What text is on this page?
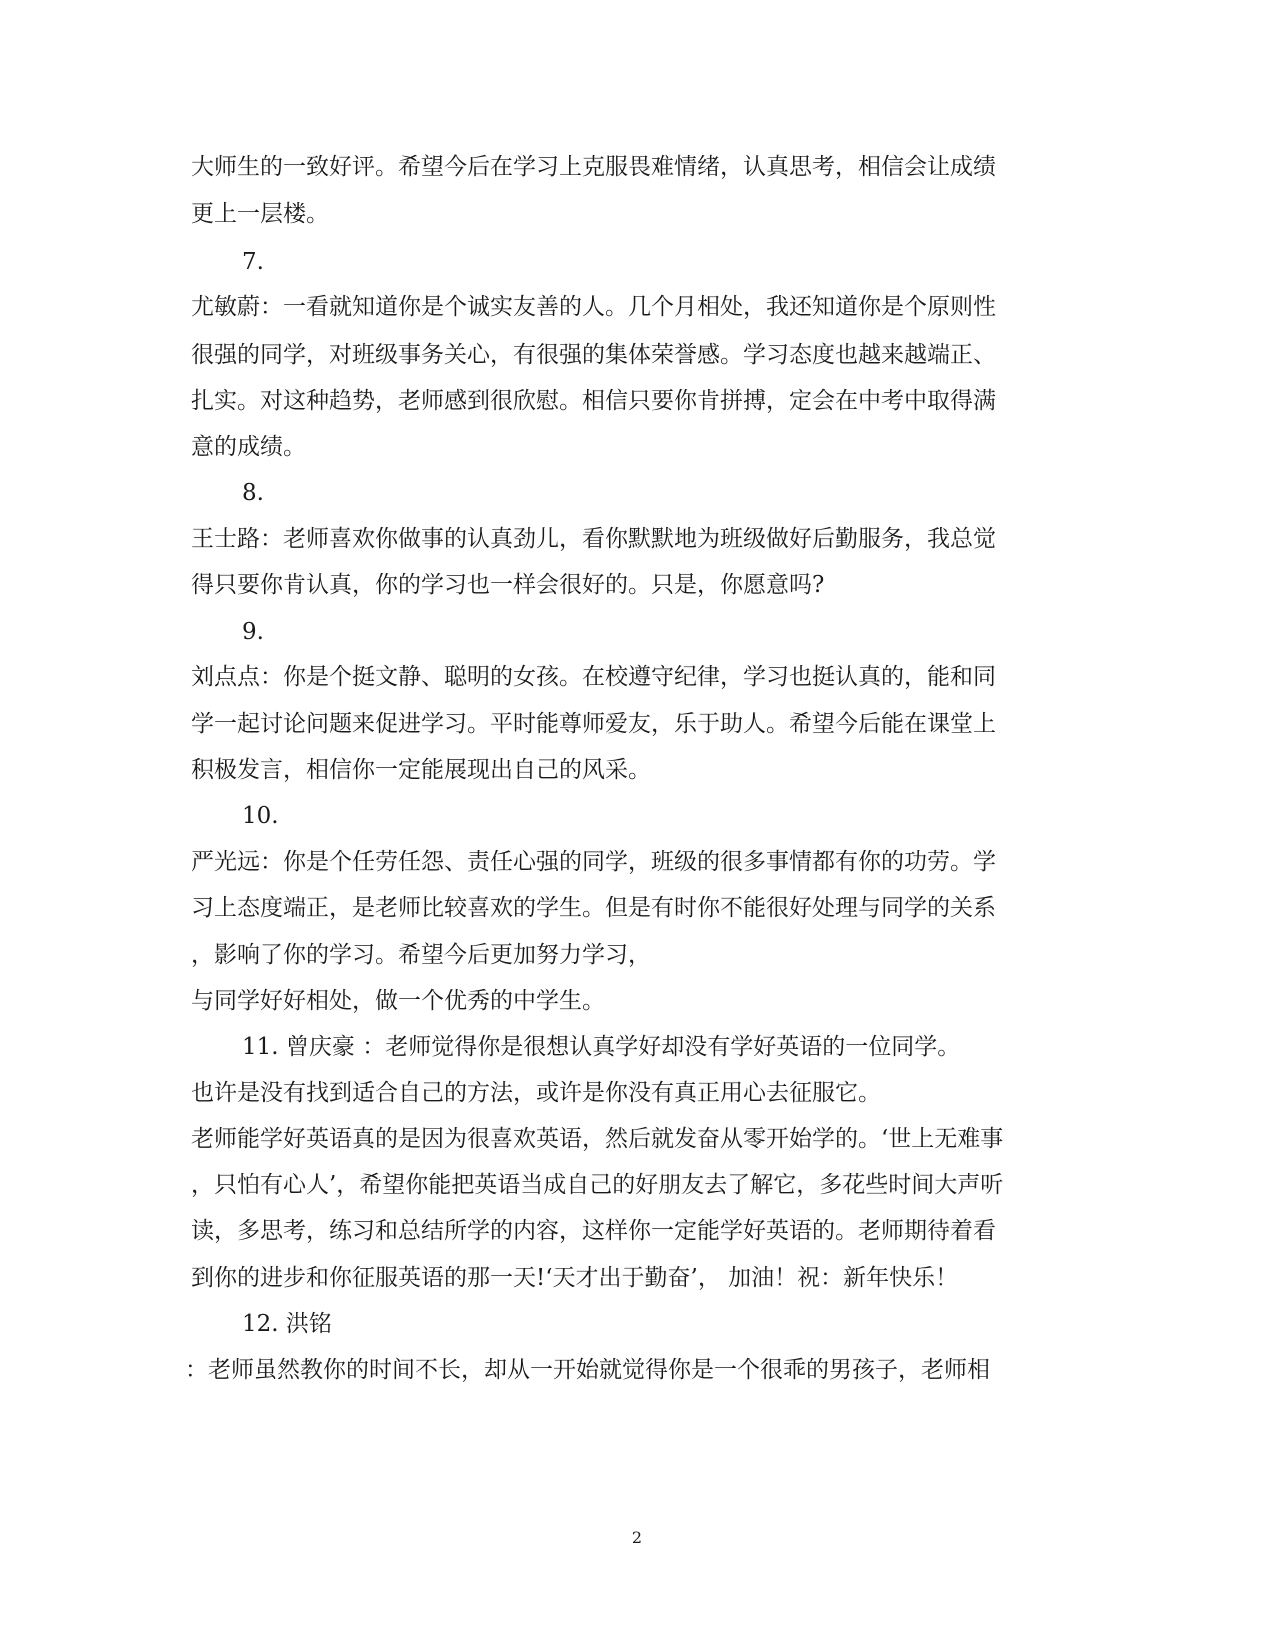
大师生的一致好评。希望今后在学习上克服畏难情绪，认真思考，相信会让成绩
更上一层楼。
7.
尤敏蔚：一看就知道你是个诚实友善的人。几个月相处，我还知道你是个原则性
很强的同学，对班级事务关心，有很强的集体荣誉感。学习态度也越来越端正、
扎实。对这种趋势，老师感到很欣慰。相信只要你肯拼搏，定会在中考中取得满
意的成绩。
8.
王士路：老师喜欢你做事的认真劲儿，看你默默地为班级做好后勤服务，我总觉
得只要你肯认真，你的学习也一样会很好的。只是，你愿意吗?
9.
刘点点：你是个挺文静、聪明的女孩。在校遵守纪律，学习也挺认真的，能和同
学一起讨论问题来促进学习。平时能尊师爱友，乐于助人。希望今后能在课堂上
积极发言，相信你一定能展现出自己的风采。
10.
严光远：你是个任劳任怨、责任心强的同学，班级的很多事情都有你的功劳。学
习上态度端正，是老师比较喜欢的学生。但是有时你不能很好处理与同学的关系
，影响了你的学习。希望今后更加努力学习，
与同学好好相处，做一个优秀的中学生。
11. 曾庆豪 ：老师觉得你是很想认真学好却没有学好英语的一位同学。
也许是没有找到适合自己的方法，或许是你没有真正用心去征服它。
老师能学好英语真的是因为很喜欢英语，然后就发奋从零开始学的。‘世上无难事
，只怕有心人’，希望你能把英语当成自己的好朋友去了解它，多花些时间大声听
读，多思考，练习和总结所学的内容，这样你一定能学好英语的。老师期待着看
到你的进步和你征服英语的那一天!‘天才出于勤奋’， 加油！祝：新年快乐！
12. 洪铭
：老师虽然教你的时间不长，却从一开始就觉得你是一个很乖的男孩子，老师相
2
